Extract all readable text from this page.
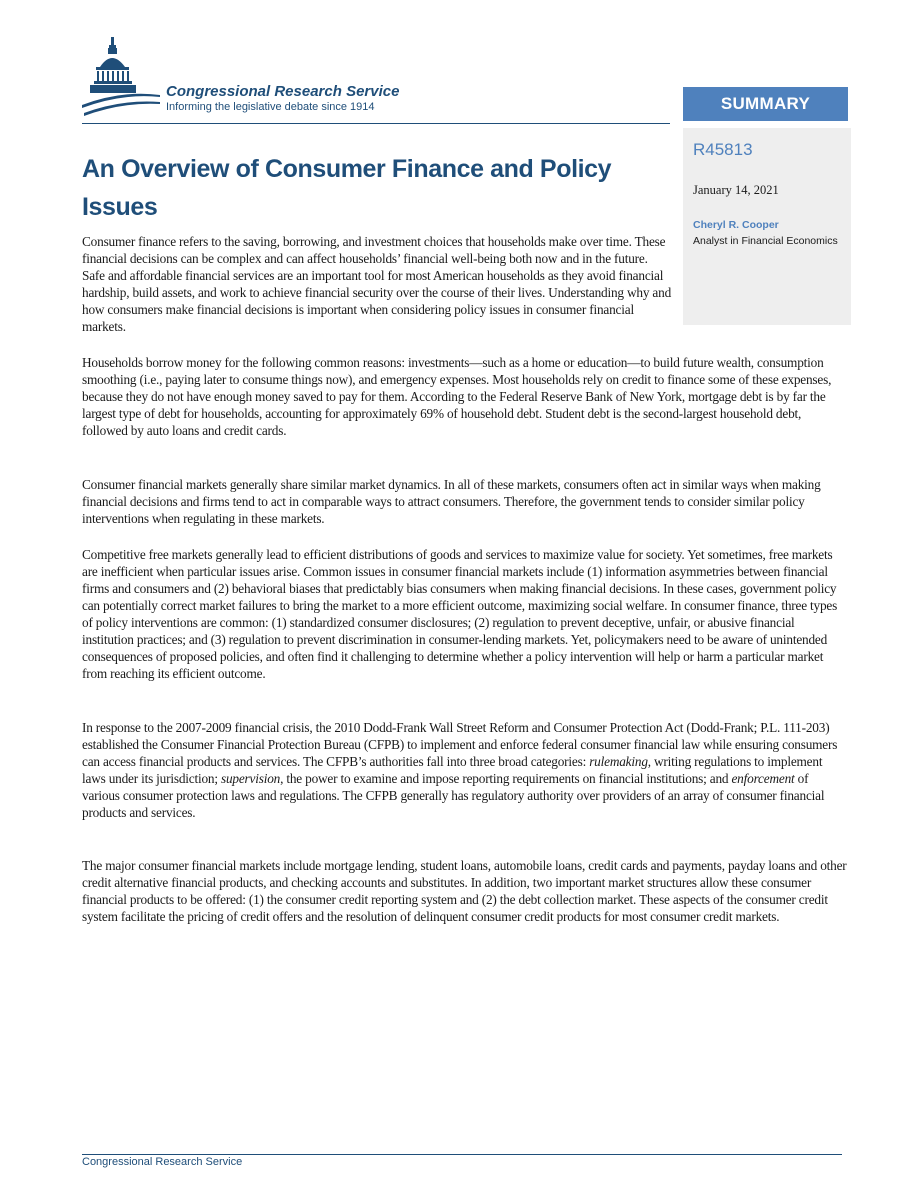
Congressional Research Service
Informing the legislative debate since 1914	SUMMARY
R45813
January 14, 2021
Cheryl R. Cooper
Analyst in Financial Economics
An Overview of Consumer Finance and Policy Issues

Consumer finance refers to the saving, borrowing, and investment choices that households make over time. These financial decisions can be complex and can affect households’ financial well-being both now and in the future. Safe and affordable financial services are an important tool for most American households as they avoid financial hardship, build assets, and work to achieve financial security over the course of their lives. Understanding why and how consumers make financial decisions is important when considering policy issues in consumer financial markets.

Households borrow money for the following common reasons: investments—such as a home or education—to build future wealth, consumption smoothing (i.e., paying later to consume things now), and emergency expenses. Most households rely on credit to finance some of these expenses, because they do not have enough money saved to pay for them. According to the Federal Reserve Bank of New York, mortgage debt is by far the largest type of debt for households, accounting for approximately 69% of household debt. Student debt is the second-largest household debt, followed by auto loans and credit cards.

Consumer financial markets generally share similar market dynamics. In all of these markets, consumers often act in similar ways when making financial decisions and firms tend to act in comparable ways to attract consumers. Therefore, the government tends to consider similar policy interventions when regulating in these markets.

Competitive free markets generally lead to efficient distributions of goods and services to maximize value for society. Yet sometimes, free markets are inefficient when particular issues arise. Common issues in consumer financial markets include (1) information asymmetries between financial firms and consumers and (2) behavioral biases that predictably bias consumers when making financial decisions. In these cases, government policy can potentially correct market failures to bring the market to a more efficient outcome, maximizing social welfare. In consumer finance, three types of policy interventions are common: (1) standardized consumer disclosures; (2) regulation to prevent deceptive, unfair, or abusive financial institution practices; and (3) regulation to prevent discrimination in consumer-lending markets. Yet, policymakers need to be aware of unintended consequences of proposed policies, and often find it challenging to determine whether a policy intervention will help or harm a particular market from reaching its efficient outcome.

In response to the 2007-2009 financial crisis, the 2010 Dodd-Frank Wall Street Reform and Consumer Protection Act (Dodd-Frank; P.L. 111-203) established the Consumer Financial Protection Bureau (CFPB) to implement and enforce federal consumer financial law while ensuring consumers can access financial products and services. The CFPB’s authorities fall into three broad categories: rulemaking, writing regulations to implement laws under its jurisdiction; supervision, the power to examine and impose reporting requirements on financial institutions; and enforcement of various consumer protection laws and regulations. The CFPB generally has regulatory authority over providers of an array of consumer financial products and services.

The major consumer financial markets include mortgage lending, student loans, automobile loans, credit cards and payments, payday loans and other credit alternative financial products, and checking accounts and substitutes. In addition, two important market structures allow these consumer financial products to be offered: (1) the consumer credit reporting system and (2) the debt collection market. These aspects of the consumer credit system facilitate the pricing of credit offers and the resolution of delinquent consumer credit products for most consumer credit markets.

Congressional Research Service
